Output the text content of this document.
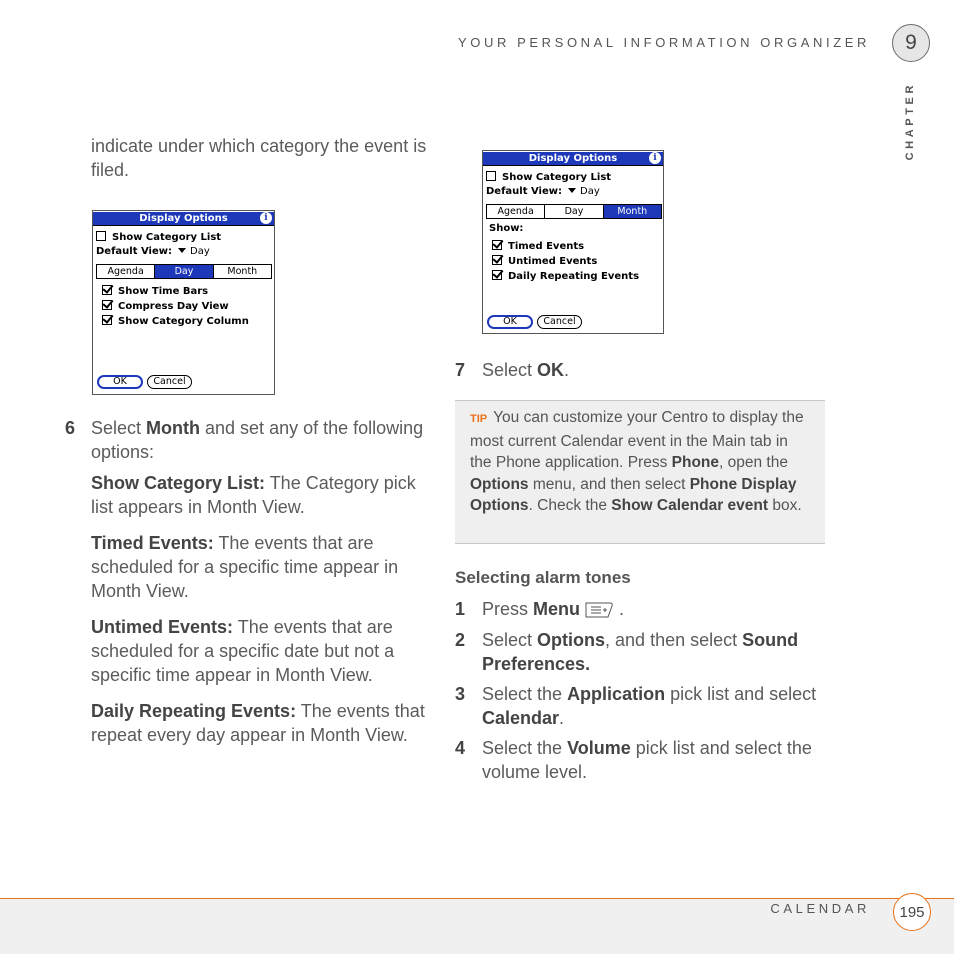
YOUR PERSONAL INFORMATION ORGANIZER	9
CHAPTER
indicate under which category the event is filed.
Display Options	i
Show Category List
Default View: Day
Agenda	Day	Month
Show Time Bars
Compress Day View
Show Category Column
OK	Cancel
6 Select Month and set any of the following options:
Show Category List: The Category pick list appears in Month View.
Timed Events: The events that are scheduled for a specific time appear in Month View.
Untimed Events: The events that are scheduled for a specific date but not a specific time appear in Month View.
Daily Repeating Events: The events that repeat every day appear in Month View.
Display Options	i
Show Category List
Default View: Day
Agenda	Day	Month
Show:
Timed Events
Untimed Events
Daily Repeating Events
OK	Cancel
7 Select OK.
TIP You can customize your Centro to display the most current Calendar event in the Main tab in the Phone application. Press Phone, open the Options menu, and then select Phone Display Options. Check the Show Calendar event box.
Selecting alarm tones
1 Press Menu .
2 Select Options, and then select Sound Preferences.
3 Select the Application pick list and select Calendar.
4 Select the Volume pick list and select the volume level.
CALENDAR	195
